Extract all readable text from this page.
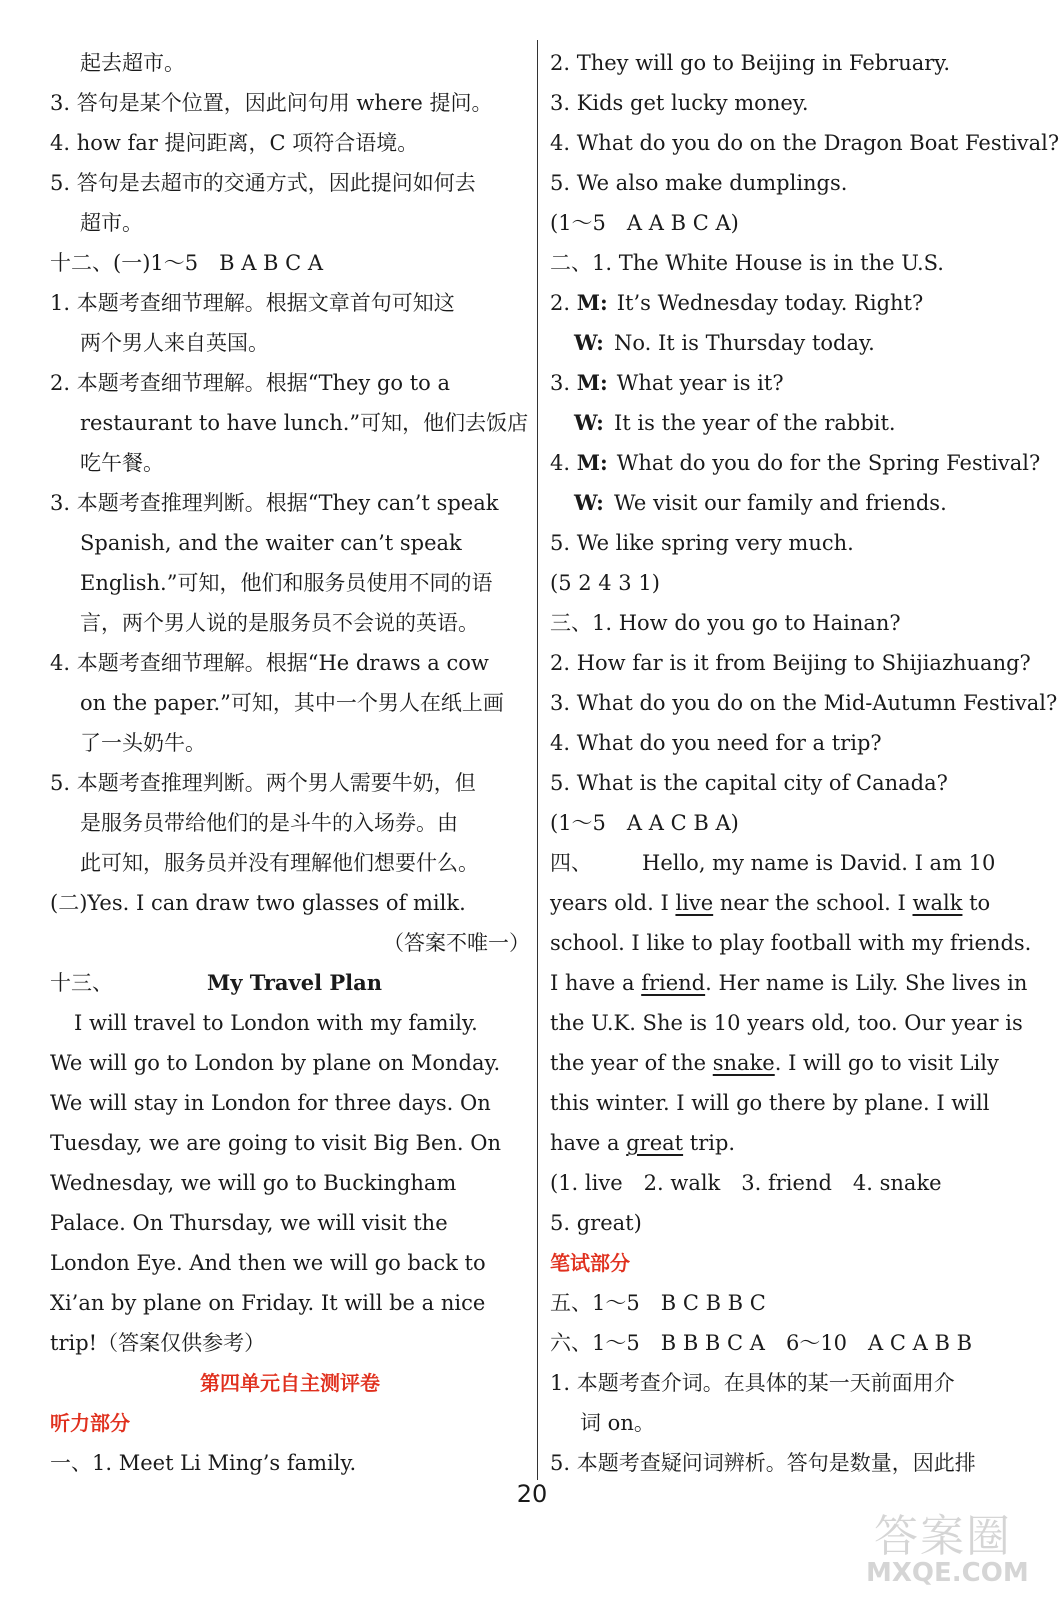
起去超市。
3. 答句是某个位置，因此问句用 where 提问。
4. how far 提问距离，C 项符合语境。
5. 答句是去超市的交通方式，因此提问如何去
超市。
十二、(一)1～5　B A B C A
1. 本题考查细节理解。根据文章首句可知这
两个男人来自英国。
2. 本题考查细节理解。根据“They go to a
restaurant to have lunch.”可知，他们去饭店
吃午餐。
3. 本题考查推理判断。根据“They can’t speak
Spanish, and the waiter can’t speak
English.”可知，他们和服务员使用不同的语
言，两个男人说的是服务员不会说的英语。
4. 本题考查细节理解。根据“He draws a cow
on the paper.”可知，其中一个男人在纸上画
了一头奶牛。
5. 本题考查推理判断。两个男人需要牛奶，但
是服务员带给他们的是斗牛的入场券。由
此可知，服务员并没有理解他们想要什么。
(二)Yes. I can draw two glasses of milk.
（答案不唯一）
十三、	My Travel Plan
I will travel to London with my family.
We will go to London by plane on Monday.
We will stay in London for three days. On
Tuesday, we are going to visit Big Ben. On
Wednesday, we will go to Buckingham
Palace. On Thursday, we will visit the
London Eye. And then we will go back to
Xi’an by plane on Friday. It will be a nice
trip!（答案仅供参考）
第四单元自主测评卷
听力部分
一、1. Meet Li Ming’s family.
2. They will go to Beijing in February.
3. Kids get lucky money.
4. What do you do on the Dragon Boat Festival?
5. We also make dumplings.
(1～5　A A B C A)
二、1. The White House is in the U.S.
2. M: It’s Wednesday today. Right?
W: No. It is Thursday today.
3. M: What year is it?
W: It is the year of the rabbit.
4. M: What do you do for the Spring Festival?
W: We visit our family and friends.
5. We like spring very much.
(5 2 4 3 1)
三、1. How do you go to Hainan?
2. How far is it from Beijing to Shijiazhuang?
3. What do you do on the Mid-Autumn Festival?
4. What do you need for a trip?
5. What is the capital city of Canada?
(1～5　A A C B A)
四、 Hello, my name is David. I am 10
years old. I live near the school. I walk to
school. I like to play football with my friends.
I have a friend. Her name is Lily. She lives in
the U.K. She is 10 years old, too. Our year is
the year of the snake. I will go to visit Lily
this winter. I will go there by plane. I will
have a great trip.
(1. live　2. walk　3. friend　4. snake
5. great)
笔试部分
五、1～5　B C B B C
六、1～5　B B B C A　6～10　A C A B B
1. 本题考查介词。在具体的某一天前面用介
词 on。
5. 本题考查疑问词辨析。答句是数量，因此排
20
答案圈
MXQE.COM
